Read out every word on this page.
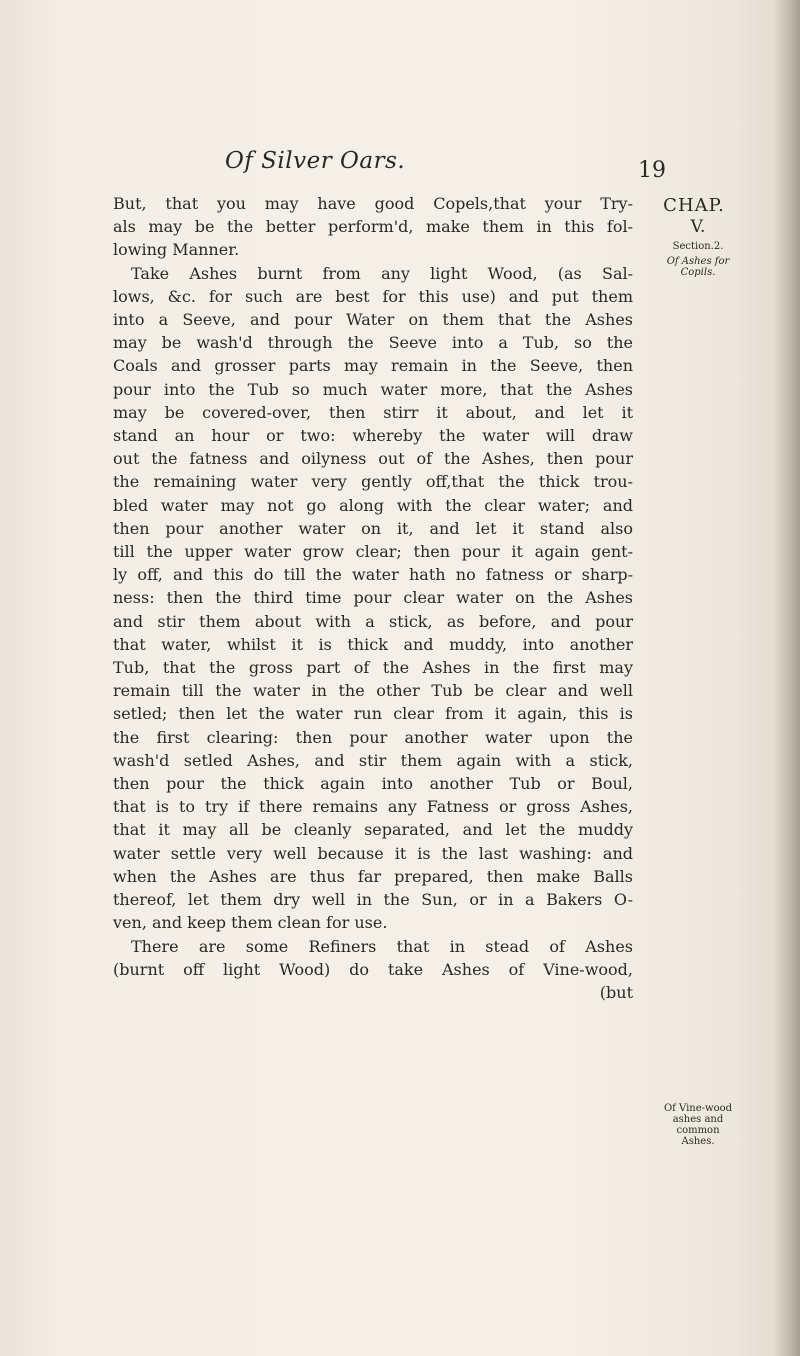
Of Silver Oars.	19
CHAP.
V.
Section.2.
Of Ashes for Copils.
Of Vine-wood ashes and common Ashes.
But, that you may have good Copels,that your Try-
als may be the better perform'd, make them in this fol-
lowing Manner.
Take Ashes burnt from any light Wood, (as Sal-
lows, &c. for such are best for this use) and put them
into a Seeve, and pour Water on them that the Ashes
may be wash'd through the Seeve into a Tub, so the
Coals and grosser parts may remain in the Seeve, then
pour into the Tub so much water more, that the Ashes
may be covered-over, then stirr it about, and let it
stand an hour or two: whereby the water will draw
out the fatness and oilyness out of the Ashes, then pour
the remaining water very gently off,that the thick trou-
bled water may not go along with the clear water; and
then pour another water on it, and let it stand also
till the upper water grow clear; then pour it again gent-
ly off, and this do till the water hath no fatness or sharp-
ness: then the third time pour clear water on the Ashes
and stir them about with a stick, as before, and pour
that water, whilst it is thick and muddy, into another
Tub, that the gross part of the Ashes in the first may
remain till the water in the other Tub be clear and well
setled; then let the water run clear from it again, this is
the first clearing: then pour another water upon the
wash'd setled Ashes, and stir them again with a stick,
then pour the thick again into another Tub or Boul,
that is to try if there remains any Fatness or gross Ashes,
that it may all be cleanly separated, and let the muddy
water settle very well because it is the last washing: and
when the Ashes are thus far prepared, then make Balls
thereof, let them dry well in the Sun, or in a Bakers O-
ven, and keep them clean for use.
There are some Refiners that in stead of Ashes
(burnt off light Wood) do take Ashes of Vine-wood,
(but
